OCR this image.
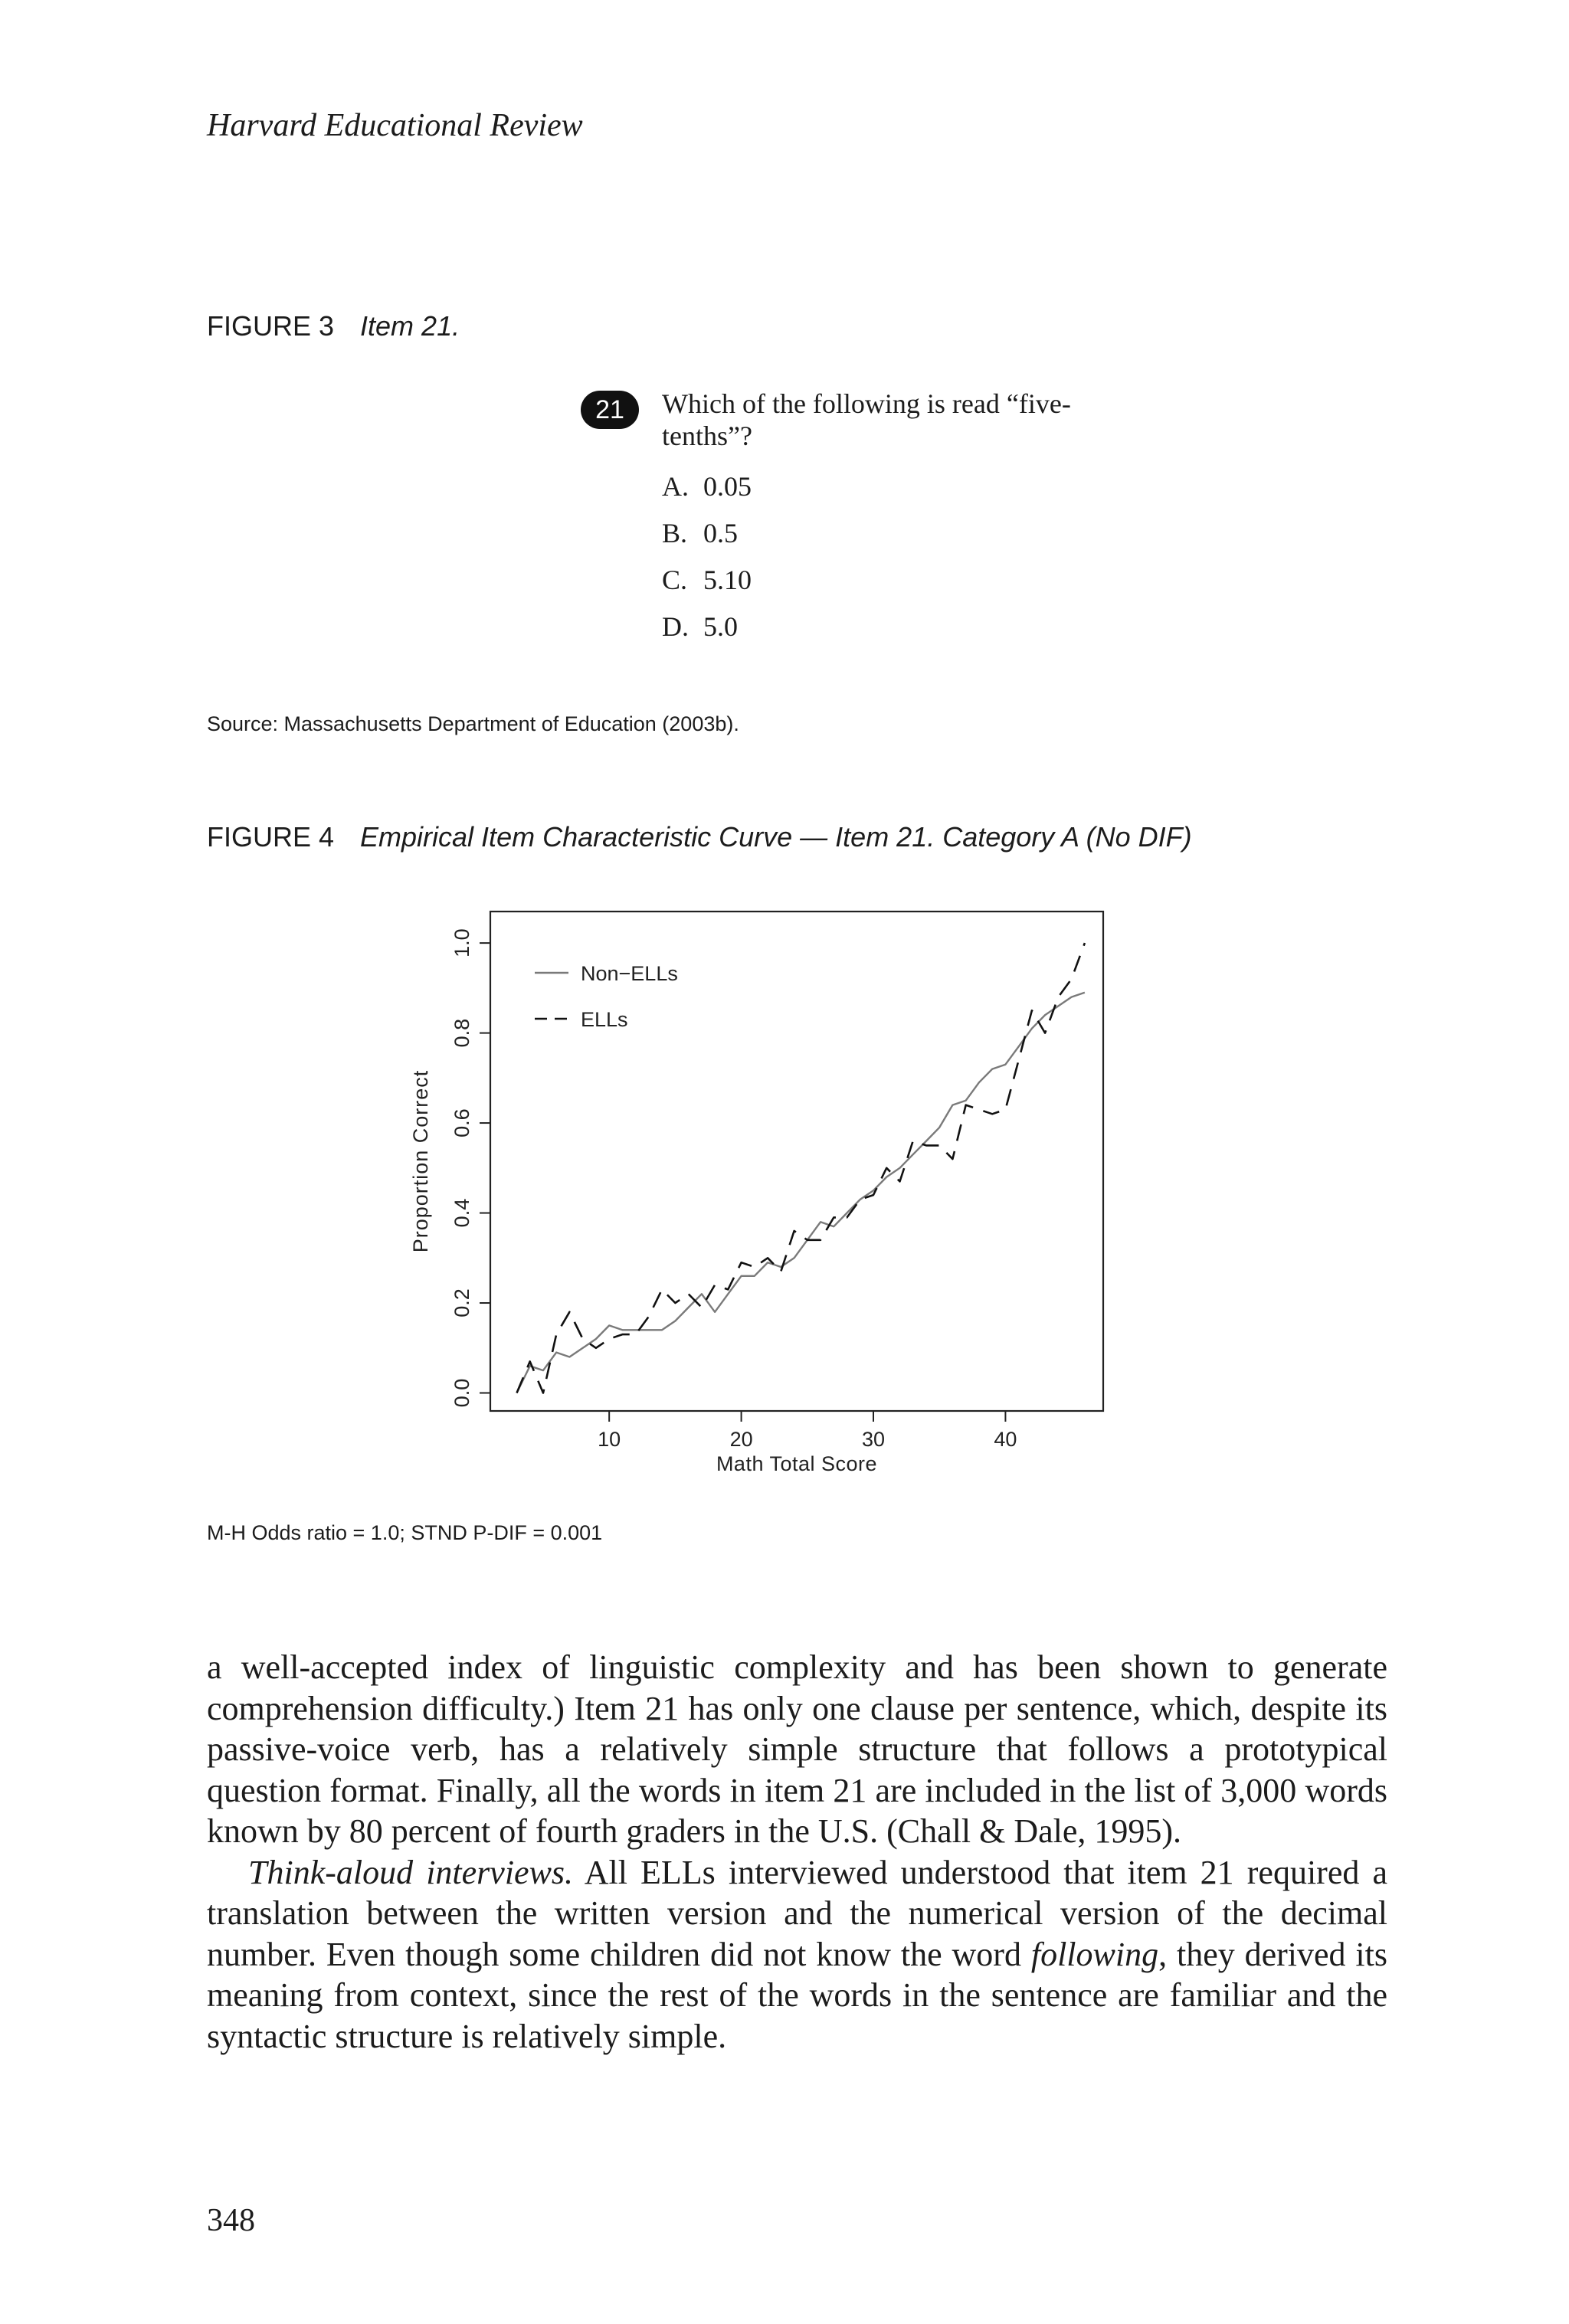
Harvard Educational Review
FIGURE 3 Item 21.
21	Which of the following is read “five-tenths”?
A. 0.05
B. 0.5
C. 5.10
D. 5.0
Source: Massachusetts Department of Education (2003b).
FIGURE 4 Empirical Item Characteristic Curve — Item 21. Category A (No DIF)
0.0
0.2
0.4
0.6
0.8
1.0
10	20	30	40
Non−ELLs
ELLs
Proportion Correct
Math Total Score
M-H Odds ratio = 1.0; STND P-DIF = 0.001

a well-accepted index of linguistic complexity and has been shown to generate comprehension difficulty.) Item 21 has only one clause per sentence, which, despite its passive-voice verb, has a relatively simple structure that follows a prototypical question format. Finally, all the words in item 21 are included in the list of 3,000 words known by 80 percent of fourth graders in the U.S. (Chall & Dale, 1995).

Think-aloud interviews. All ELLs interviewed understood that item 21 required a translation between the written version and the numerical version of the decimal number. Even though some children did not know the word following, they derived its meaning from context, since the rest of the words in the sentence are familiar and the syntactic structure is relatively simple.

348
